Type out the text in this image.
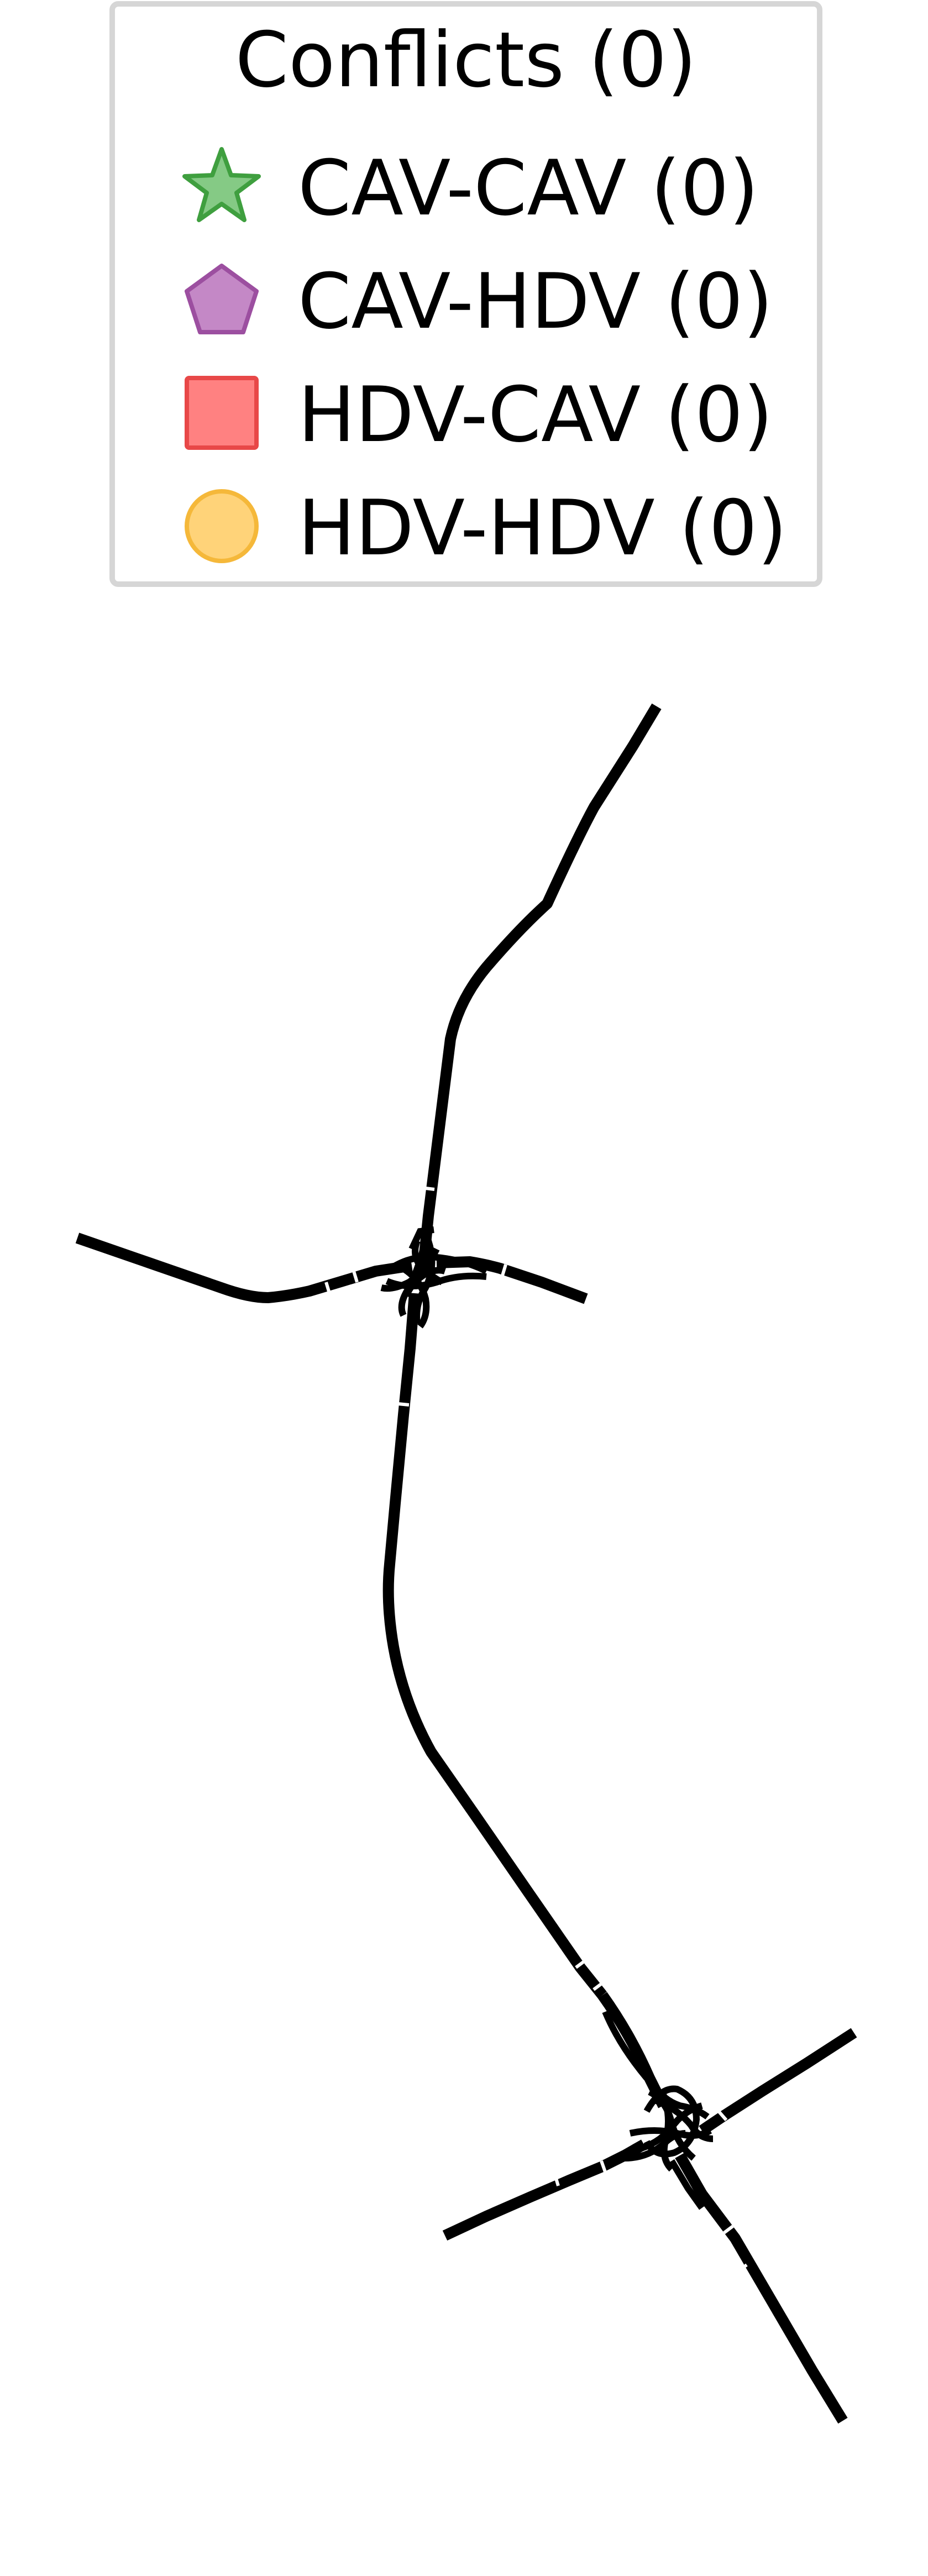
Conflicts (0)
CAV-CAV (0)
CAV-HDV (0)
HDV-CAV (0)
HDV-HDV (0)
